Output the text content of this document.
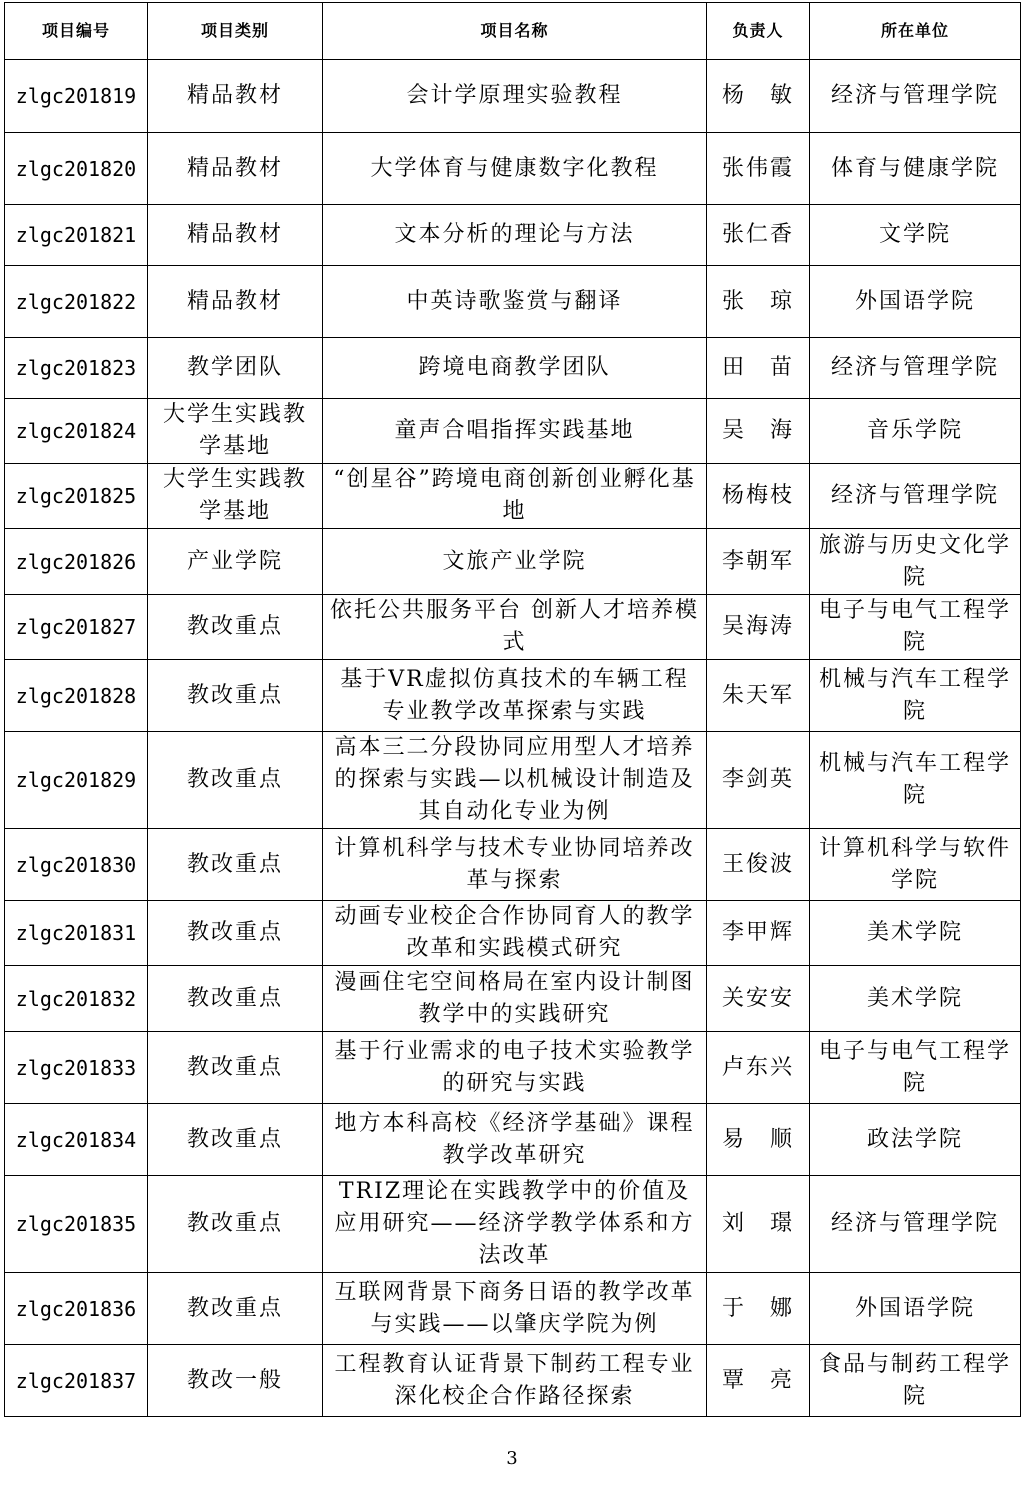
项目编号	项目类别	项目名称	负责人	所在单位
zlgc201819	精品教材	会计学原理实验教程	杨　敏	经济与管理学院
zlgc201820	精品教材	大学体育与健康数字化教程	张伟霞	体育与健康学院
zlgc201821	精品教材	文本分析的理论与方法	张仁香	文学院
zlgc201822	精品教材	中英诗歌鉴赏与翻译	张　琼	外国语学院
zlgc201823	教学团队	跨境电商教学团队	田　苗	经济与管理学院
zlgc201824	大学生实践教学基地	童声合唱指挥实践基地	吴　海	音乐学院
zlgc201825	大学生实践教学基地	“创星谷”跨境电商创新创业孵化基地	杨梅枝	经济与管理学院
zlgc201826	产业学院	文旅产业学院	李朝军	旅游与历史文化学院
zlgc201827	教改重点	依托公共服务平台 创新人才培养模式	吴海涛	电子与电气工程学院
zlgc201828	教改重点	基于VR虚拟仿真技术的车辆工程专业教学改革探索与实践	朱天军	机械与汽车工程学院
zlgc201829	教改重点	高本三二分段协同应用型人才培养的探索与实践—以机械设计制造及其自动化专业为例	李剑英	机械与汽车工程学院
zlgc201830	教改重点	计算机科学与技术专业协同培养改革与探索	王俊波	计算机科学与软件学院
zlgc201831	教改重点	动画专业校企合作协同育人的教学改革和实践模式研究	李甲辉	美术学院
zlgc201832	教改重点	漫画住宅空间格局在室内设计制图教学中的实践研究	关安安	美术学院
zlgc201833	教改重点	基于行业需求的电子技术实验教学的研究与实践	卢东兴	电子与电气工程学院
zlgc201834	教改重点	地方本科高校《经济学基础》课程教学改革研究	易　顺	政法学院
zlgc201835	教改重点	TRIZ理论在实践教学中的价值及应用研究——经济学教学体系和方法改革	刘　璟	经济与管理学院
zlgc201836	教改重点	互联网背景下商务日语的教学改革与实践——以肇庆学院为例	于　娜	外国语学院
zlgc201837	教改一般	工程教育认证背景下制药工程专业深化校企合作路径探索	覃　亮	食品与制药工程学院
3
